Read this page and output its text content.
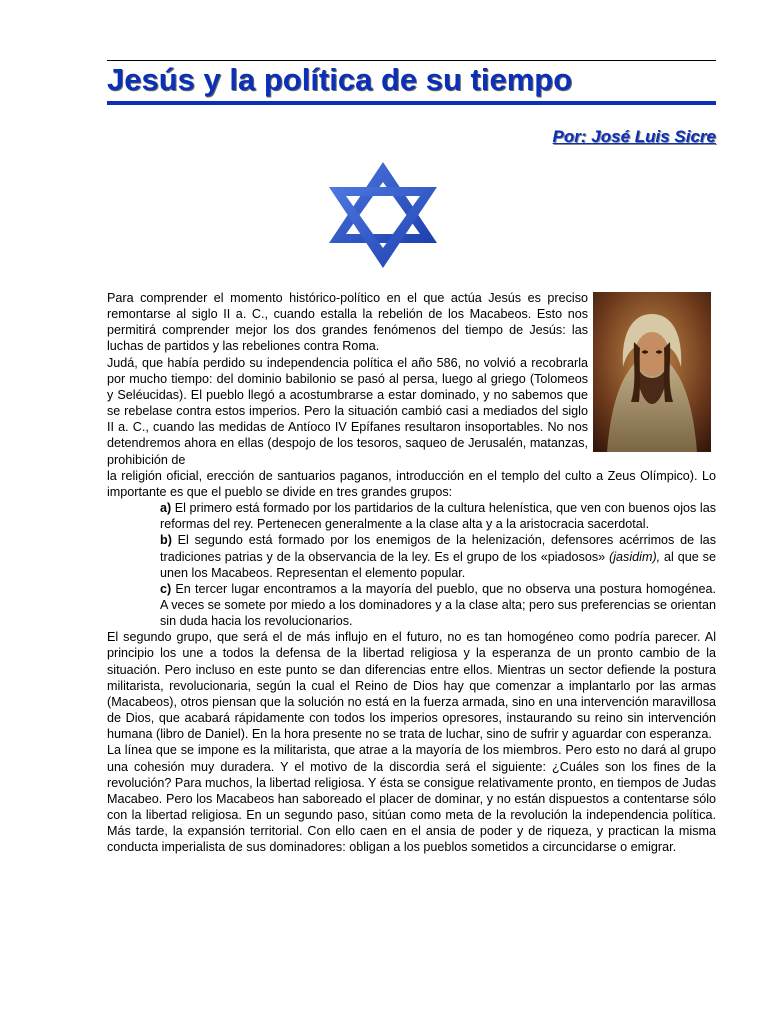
Jesús y la política de su tiempo
Por: José Luis Sicre

Para comprender el momento histórico-político en el que actúa Jesús es preciso remontarse al siglo II a. C., cuando estalla la rebelión de los Macabeos. Esto nos permitirá comprender mejor los dos grandes fenómenos del tiempo de Jesús: las luchas de partidos y las rebeliones contra Roma.

Judá, que había perdido su independencia política el año 586, no volvió a recobrarla por mucho tiempo: del dominio babilonio se pasó al persa, luego al griego (Tolomeos y Seléucidas). El pueblo llegó a acostumbrarse a estar dominado, y no sabemos que se rebelase contra estos imperios. Pero la situación cambió casi a mediados del siglo II a. C., cuando las medidas de Antíoco IV Epífanes resultaron insoportables. No nos detendremos ahora en ellas (despojo de los tesoros, saqueo de Jerusalén, matanzas, prohibición de

la religión oficial, erección de santuarios paganos, introducción en el templo del culto a Zeus Olímpico). Lo importante es que el pueblo se divide en tres grandes grupos:

a) El primero está formado por los partidarios de la cultura helenística, que ven con buenos ojos las reformas del rey. Pertenecen generalmente a la clase alta y a la aristocracia sacerdotal.

b) El segundo está formado por los enemigos de la helenización, defensores acérrimos de las tradiciones patrias y de la observancia de la ley. Es el grupo de los «piadosos» (jasidim), al que se unen los Macabeos. Representan el elemento popular.

c) En tercer lugar encontramos a la mayoría del pueblo, que no observa una postura homogénea. A veces se somete por miedo a los dominadores y a la clase alta; pero sus preferencias se orientan sin duda hacia los revolucionarios.

El segundo grupo, que será el de más influjo en el futuro, no es tan homogéneo como podría parecer. Al principio los une a todos la defensa de la libertad religiosa y la esperanza de un pronto cambio de la situación. Pero incluso en este punto se dan diferencias entre ellos. Mientras un sector defiende la postura militarista, revolucionaria, según la cual el Reino de Dios hay que comenzar a implantarlo por las armas (Macabeos), otros piensan que la solución no está en la fuerza armada, sino en una intervención maravillosa de Dios, que acabará rápidamente con todos los imperios opresores, instaurando su reino sin intervención humana (libro de Daniel). En la hora presente no se trata de luchar, sino de sufrir y aguardar con esperanza.

La línea que se impone es la militarista, que atrae a la mayoría de los miembros. Pero esto no dará al grupo una cohesión muy duradera. Y el motivo de la discordia será el siguiente: ¿Cuáles son los fines de la revolución? Para muchos, la libertad religiosa. Y ésta se consigue relativamente pronto, en tiempos de Judas Macabeo. Pero los Macabeos han saboreado el placer de dominar, y no están dispuestos a contentarse sólo con la libertad religiosa. En un segundo paso, sitúan como meta de la revolución la independencia política. Más tarde, la expansión territorial. Con ello caen en el ansia de poder y de riqueza, y practican la misma conducta imperialista de sus dominadores: obligan a los pueblos sometidos a circuncidarse o emigrar.
